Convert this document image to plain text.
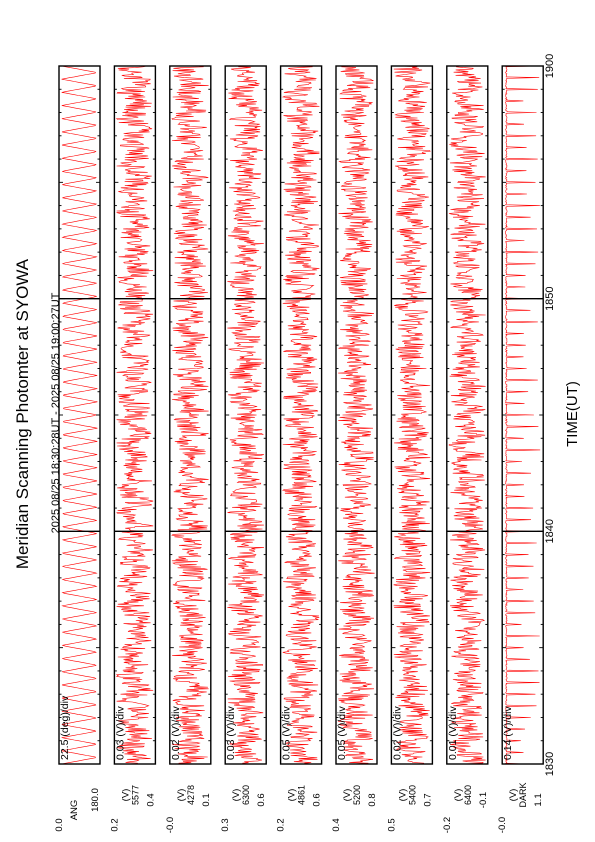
Meridian Scanning Photomter at SYOWA 2025 08/25 18:30:28UT - 2025 08/25 19:00:27UT	TIME(UT)
22.5 (deg)/div
180.0
0.0
ANG
0.03 (V)/div
0.4
0.2
(V) 5577
0.02 (V)/div
0.1
-0.0
(V) 4278
0.03 (V)/div
0.6
0.3
(V) 6300
0.05 (V)/div
0.6
0.2
(V) 4861
0.05 (V)/div
0.8
0.4
(V) 5200
0.02 (V)/div
0.7
0.5
(V) 5400
0.01 (V)/div
-0.1
-0.2
(V) 6400
0.14 (V)/div
1.1
-0.0
(V) DARK
1830
1840
1850
1900
